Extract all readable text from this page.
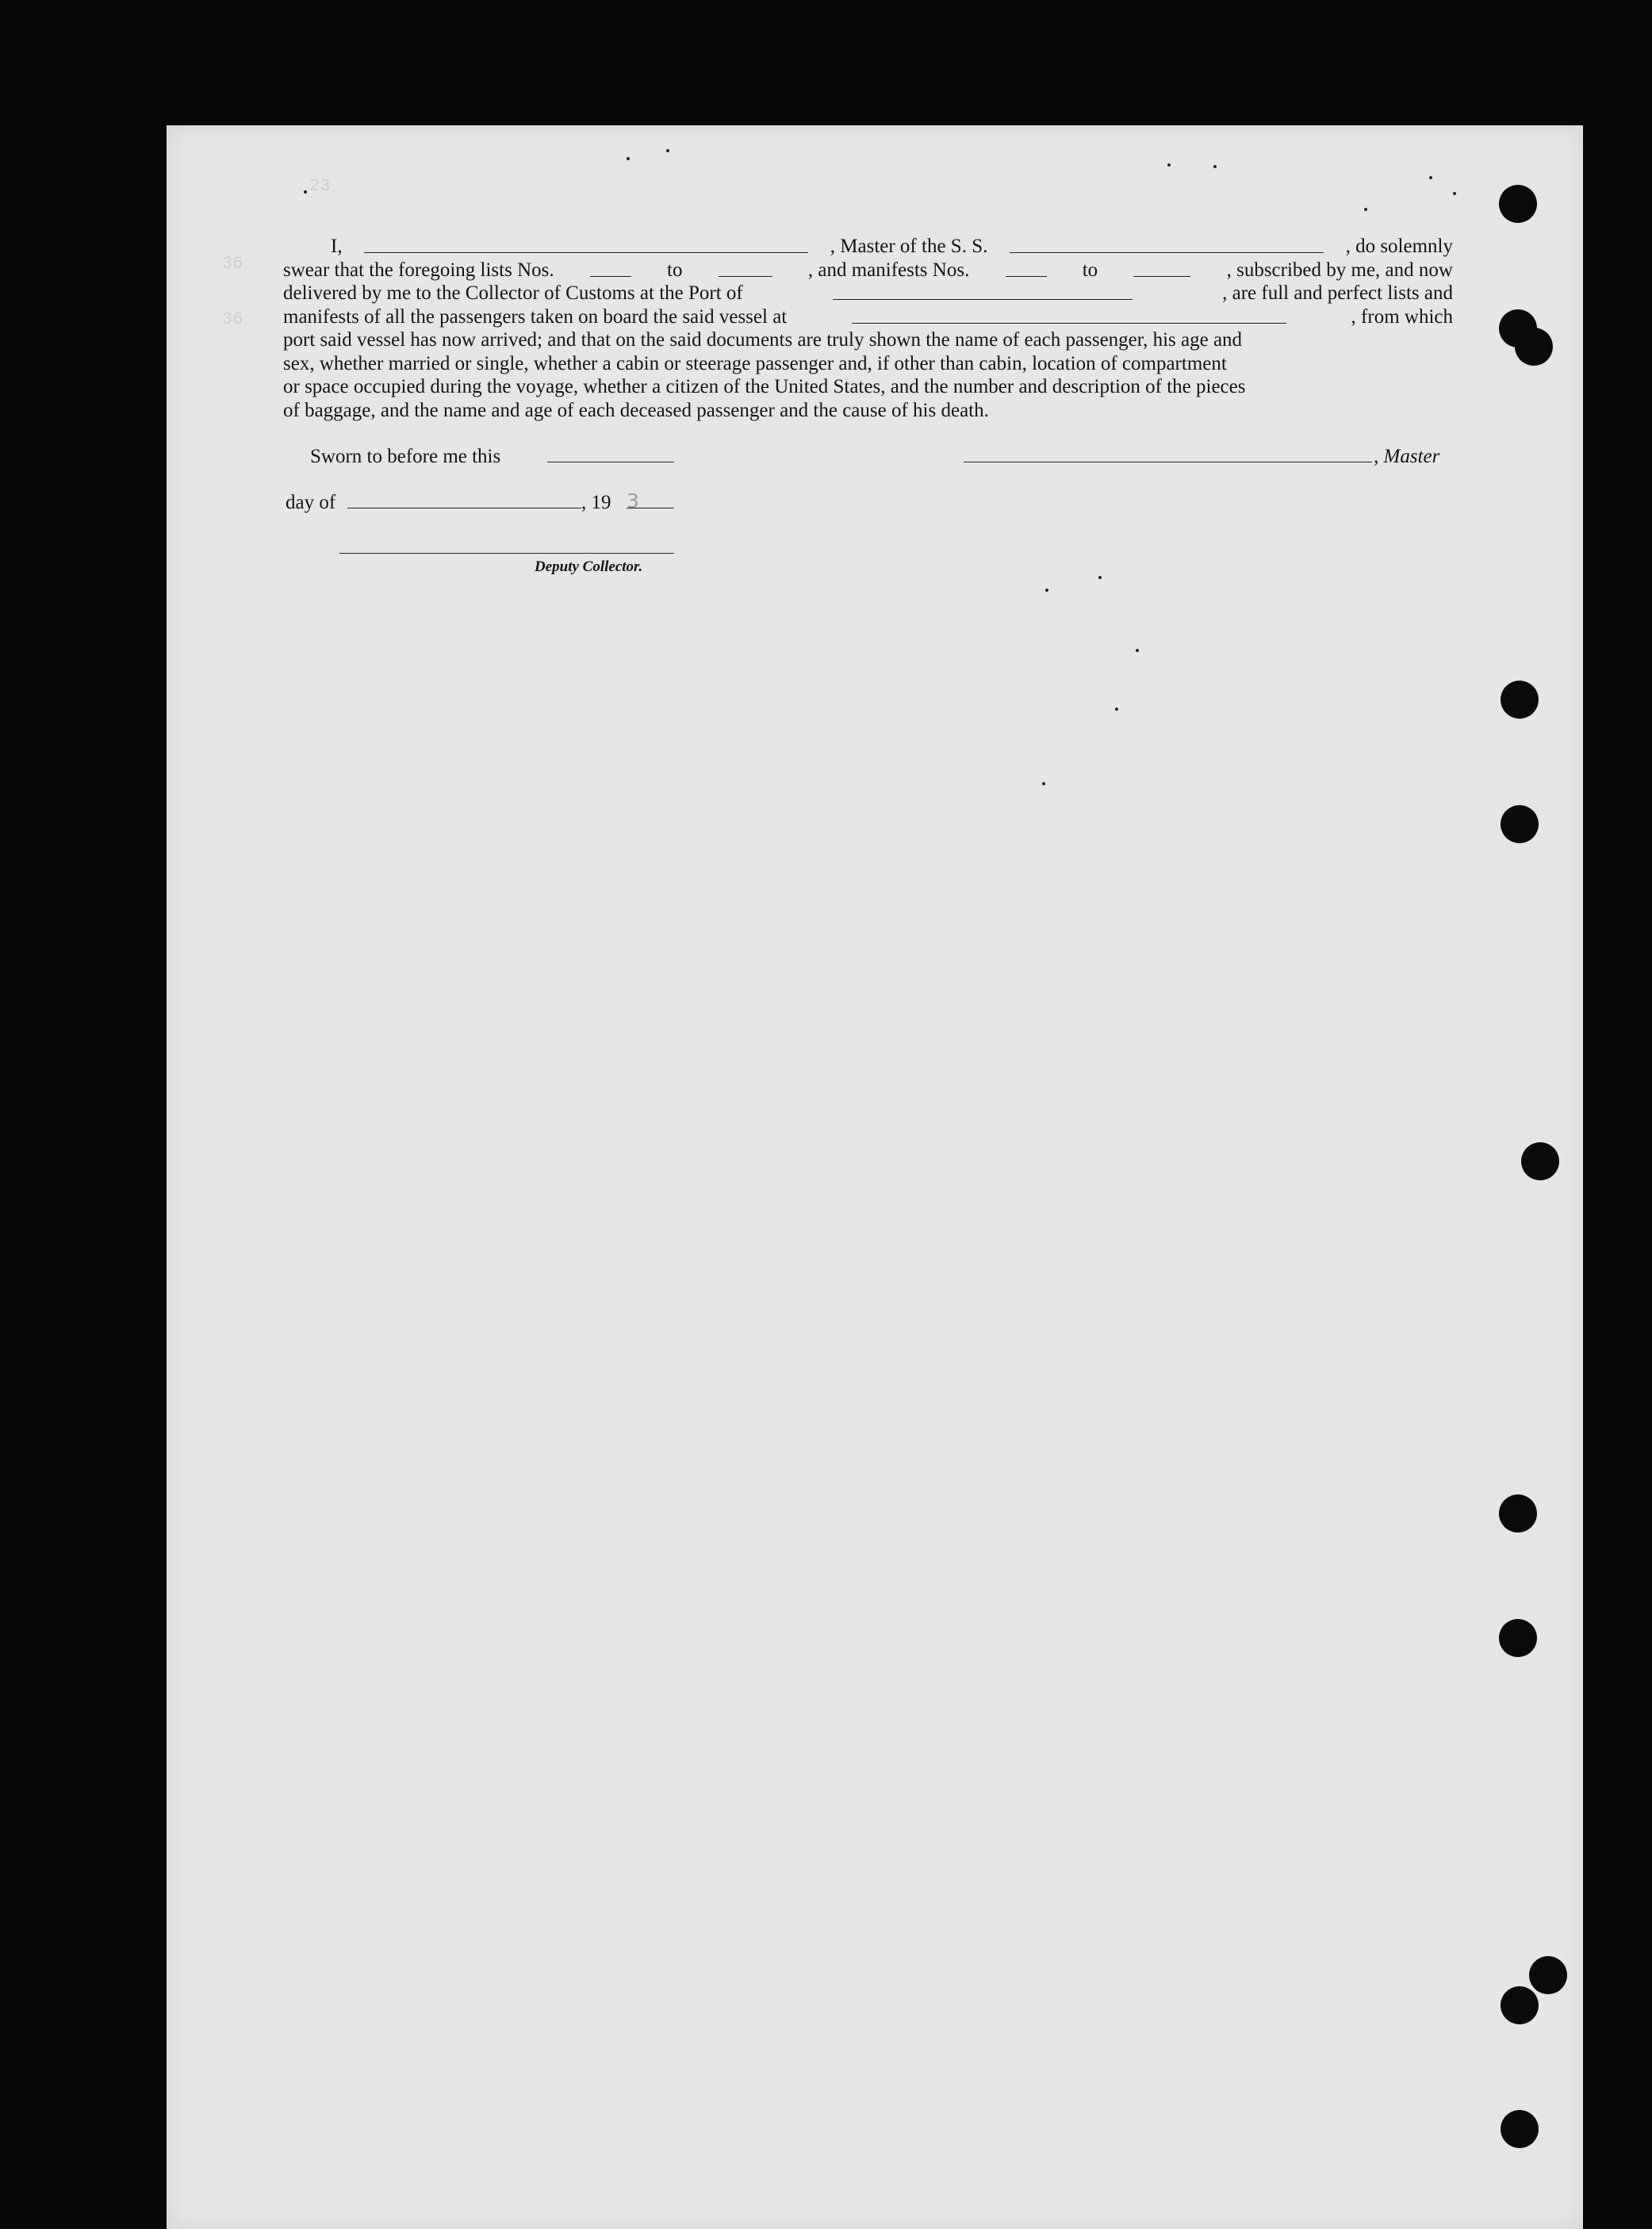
23
36
36
I,	, Master of the S. S.	, do solemnly
swear that the foregoing lists Nos.	to	, and manifests Nos.	to	, subscribed by me, and now
delivered by me to the Collector of Customs at the Port of	, are full and perfect lists and
manifests of all the passengers taken on board the said vessel at	, from which
port said vessel has now arrived; and that on the said documents are truly shown the name of each passenger, his age and
sex, whether married or single, whether a cabin or steerage passenger and, if other than cabin, location of compartment
or space occupied during the voyage, whether a citizen of the United States, and the number and description of the pieces
of baggage, and the name and age of each deceased passenger and the cause of his death.
Sworn to before me this	, Master
day of	, 19 3
Deputy Collector.
